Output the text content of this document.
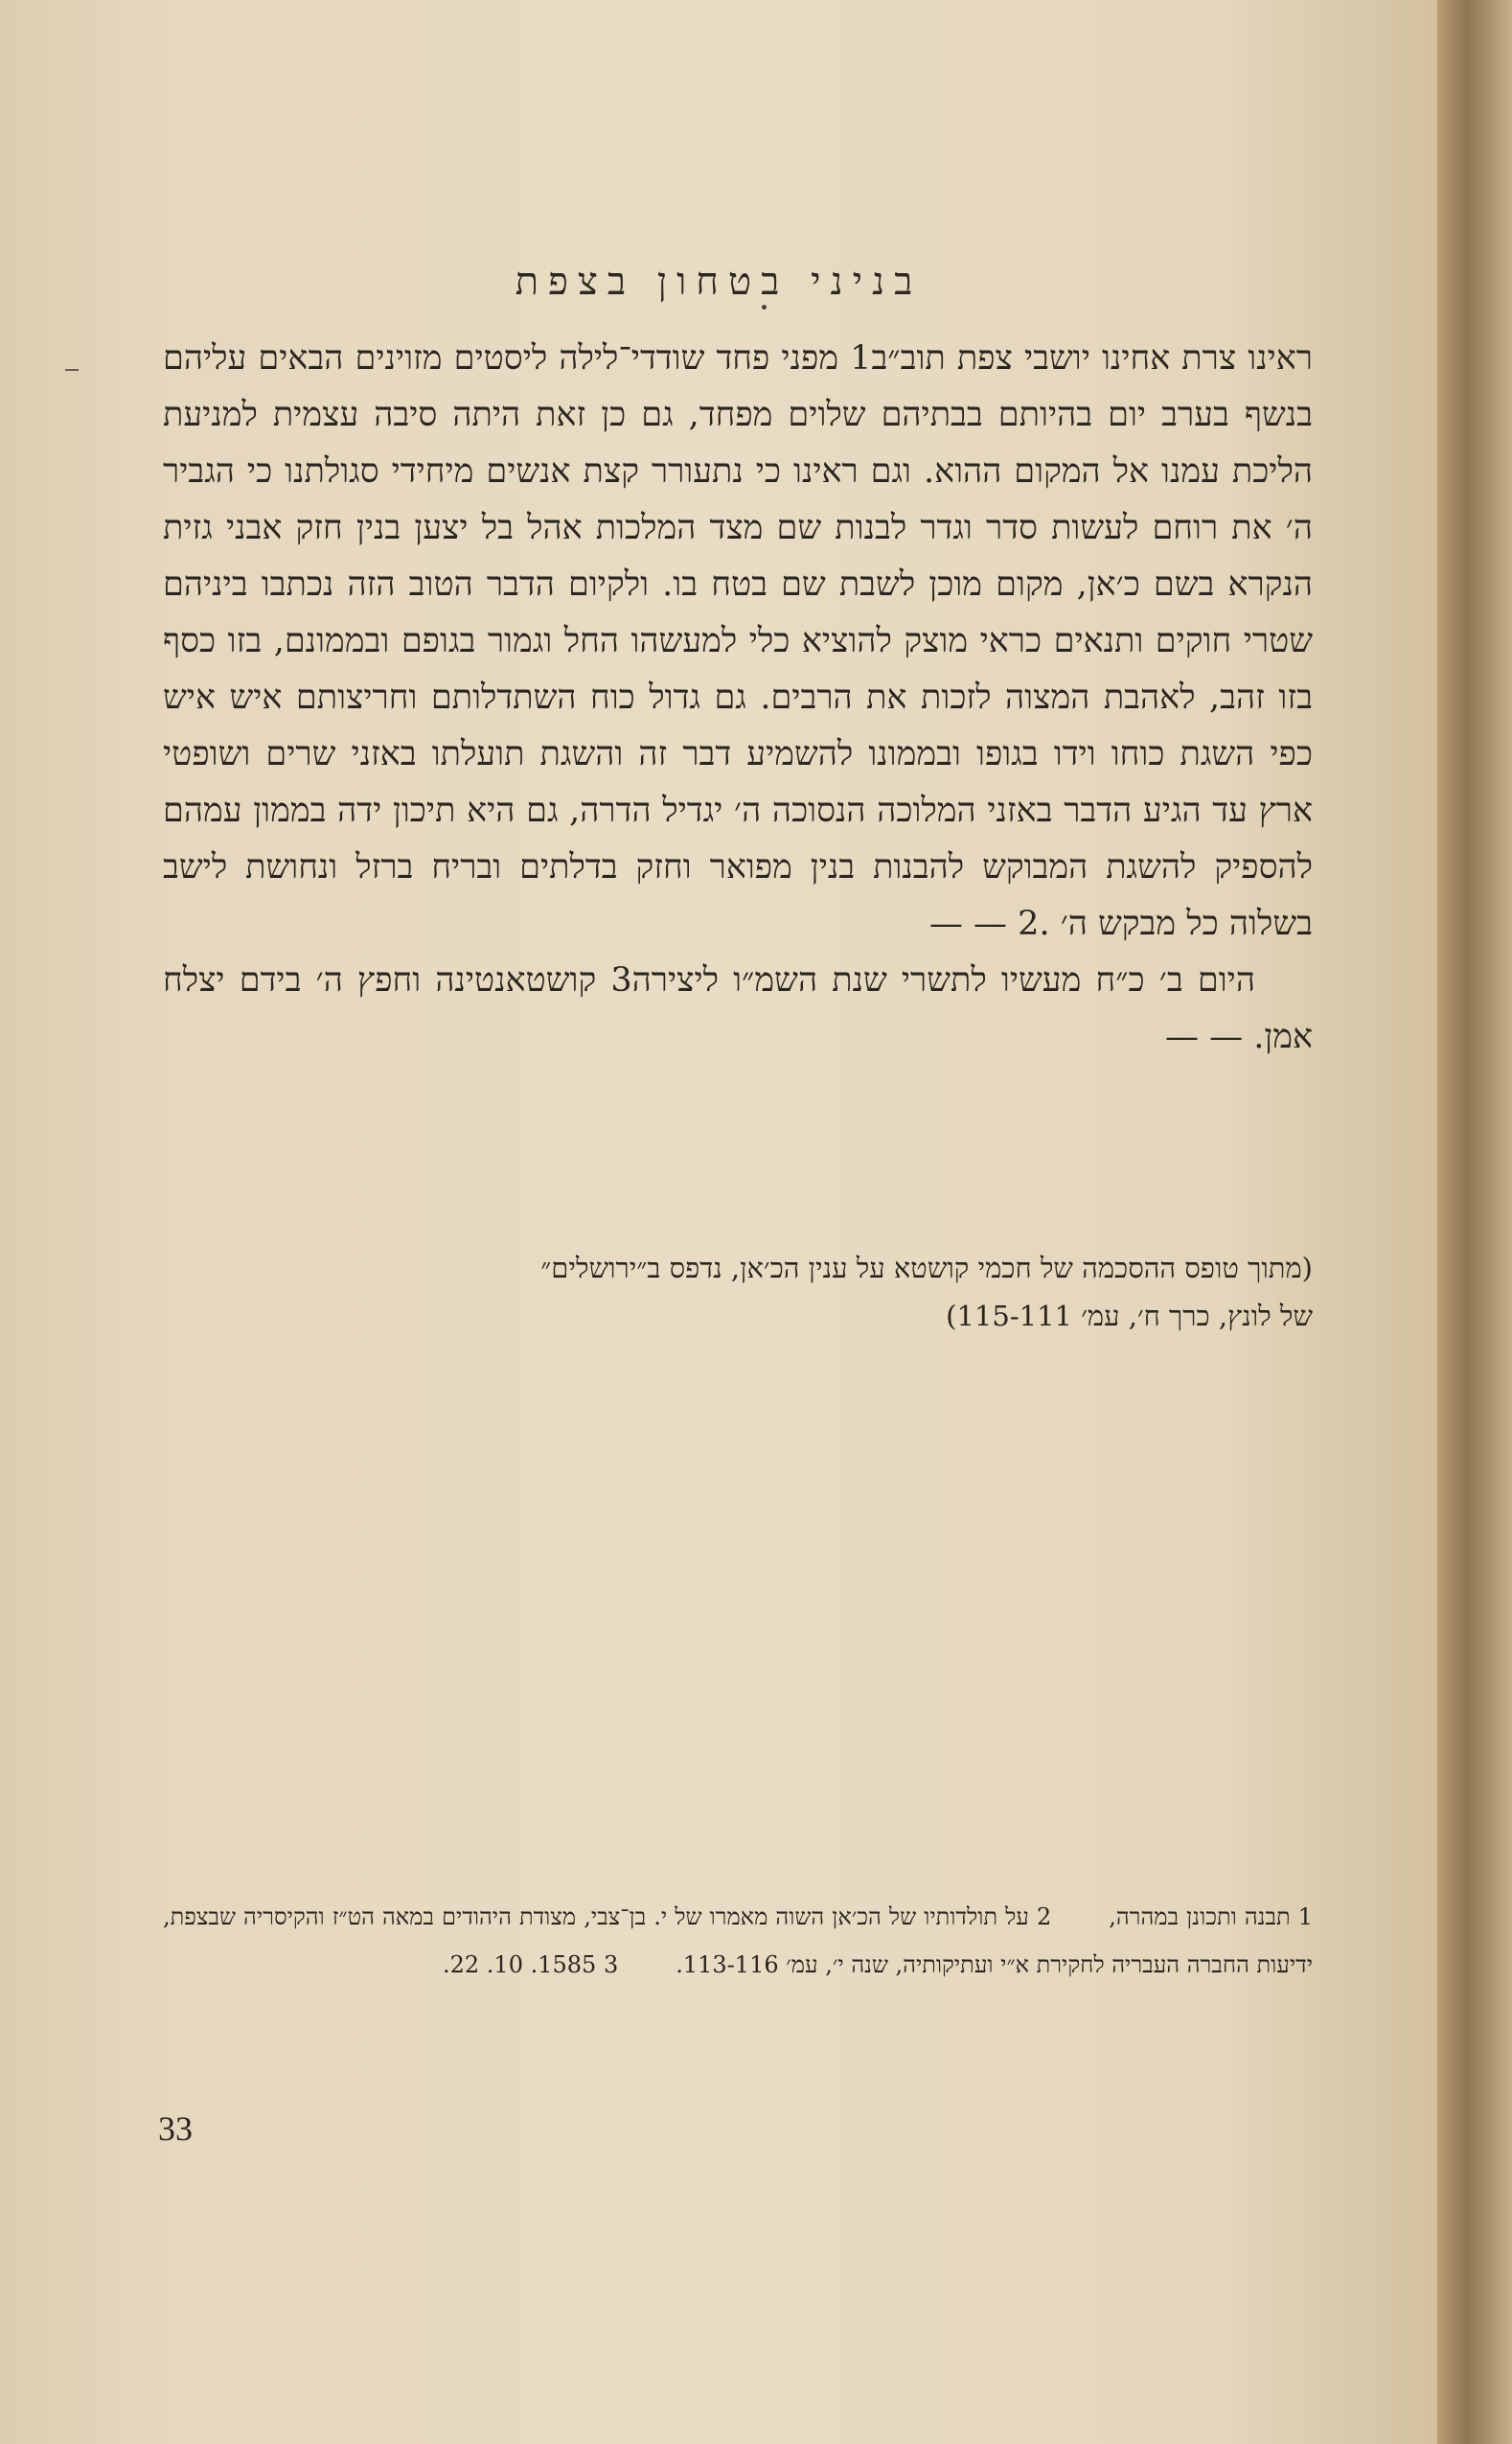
בניני בטחון בצפת

ראינו צרת אחינו יושבי צפת תוב״ב1 מפני פחד שודדי־לילה ליסטים מזוינים הבאים עליהם בנשף בערב יום בהיותם בבתיהם שלוים מפחד, גם כן זאת היתה סיבה עצמית למניעת הליכת עמנו אל המקום ההוא. וגם ראינו כי נתעורר קצת אנשים מיחידי סגולתנו כי הגביר ה׳ את רוחם לעשות סדר וגדר לבנות שם מצד המלכות אהל בל יצען בנין חזק אבני גזית הנקרא בשם כ׳אן, מקום מוכן לשבת שם בטח בו. ולקיום הדבר הטוב הזה נכתבו ביניהם שטרי חוקים ותנאים כראי מוצק להוציא כלי למעשהו החל וגמור בגופם ובממונם, בזו כסף בזו זהב, לאהבת המצוה לזכות את הרבים. גם גדול כוח השתדלותם וחריצותם איש איש כפי השגת כוחו וידו בגופו ובממונו להשמיע דבר זה והשגת תועלתו באזני שרים ושופטי ארץ עד הגיע הדבר באזני המלוכה הנסוכה ה׳ יגדיל הדרה, גם היא תיכון ידה בממון עמהם להספיק להשגת המבוקש להבנות בנין מפואר וחזק בדלתים ובריח ברזל ונחושת לישב בשלוה כל מבקש ה׳ .2 — —

היום ב׳ כ״ח מעשיו לתשרי שנת השמ״ו ליצירה3 קושטאנטינה וחפץ ה׳ בידם יצלח אמן. — —

(מתוך טופס ההסכמה של חכמי קושטא על ענין הכ׳אן, נדפס ב״ירושלים״
של לונץ, כרך ח׳, עמ׳ 115-111)
1 תבנה ותכונן במהרה,2 על תולדותיו של הכ׳אן השוה מאמרו של י. בן־צבי, מצודת היהודים במאה הט״ז והקיסריה שבצפת, ידיעות החברה העבריה לחקירת א״י ועתיקותיה, שנה י׳, עמ׳ 113-116.3 1585. 10. 22.
33
